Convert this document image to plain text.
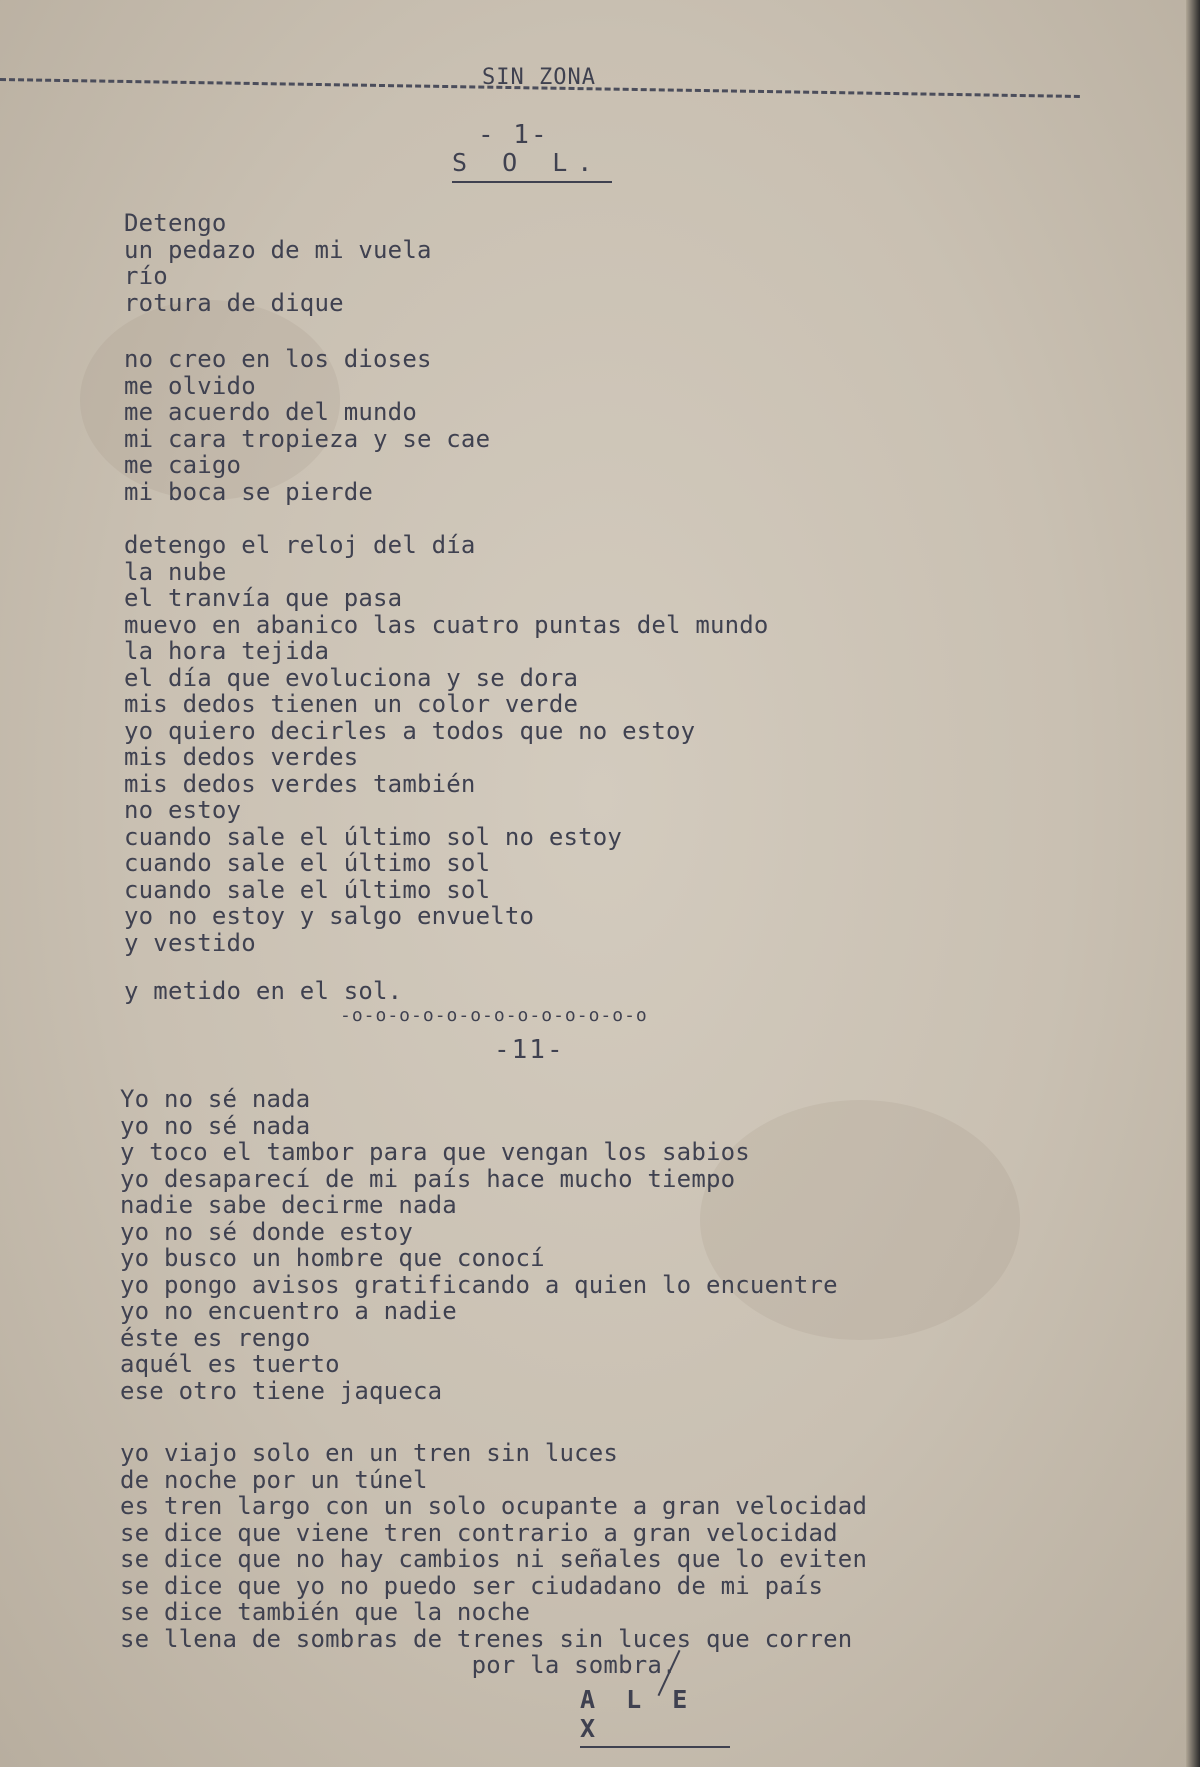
SIN ZONA
- 1-
S O L.
Detengo
un pedazo de mi vuela
río
rotura de dique
no creo en los dioses
me olvido
me acuerdo del mundo
mi cara tropieza y se cae
me caigo
mi boca se pierde
detengo el reloj del día
la nube
el tranvía que pasa
muevo en abanico las cuatro puntas del mundo
la hora tejida
el día que evoluciona y se dora
mis dedos tienen un color verde
yo quiero decirles a todos que no estoy
mis dedos verdes
mis dedos verdes también
no estoy
cuando sale el último sol no estoy
cuando sale el último sol
cuando sale el último sol
yo no estoy y salgo envuelto
y vestido
y metido en el sol.
-o-o-o-o-o-o-o-o-o-o-o-o-o
-11-
Yo no sé nada
yo no sé nada
y toco el tambor para que vengan los sabios
yo desaparecí de mi país hace mucho tiempo
nadie sabe decirme nada
yo no sé donde estoy
yo busco un hombre que conocí
yo pongo avisos gratificando a quien lo encuentre
yo no encuentro a nadie
éste es rengo
aquél es tuerto
ese otro tiene jaqueca
yo viajo solo en un tren sin luces
de noche por un túnel
es tren largo con un solo ocupante a gran velocidad
se dice que viene tren contrario a gran velocidad
se dice que no hay cambios ni señales que lo eviten
se dice que yo no puedo ser ciudadano de mi país
se dice también que la noche
se llena de sombras de trenes sin luces que corren
por la sombra.
A L E X
